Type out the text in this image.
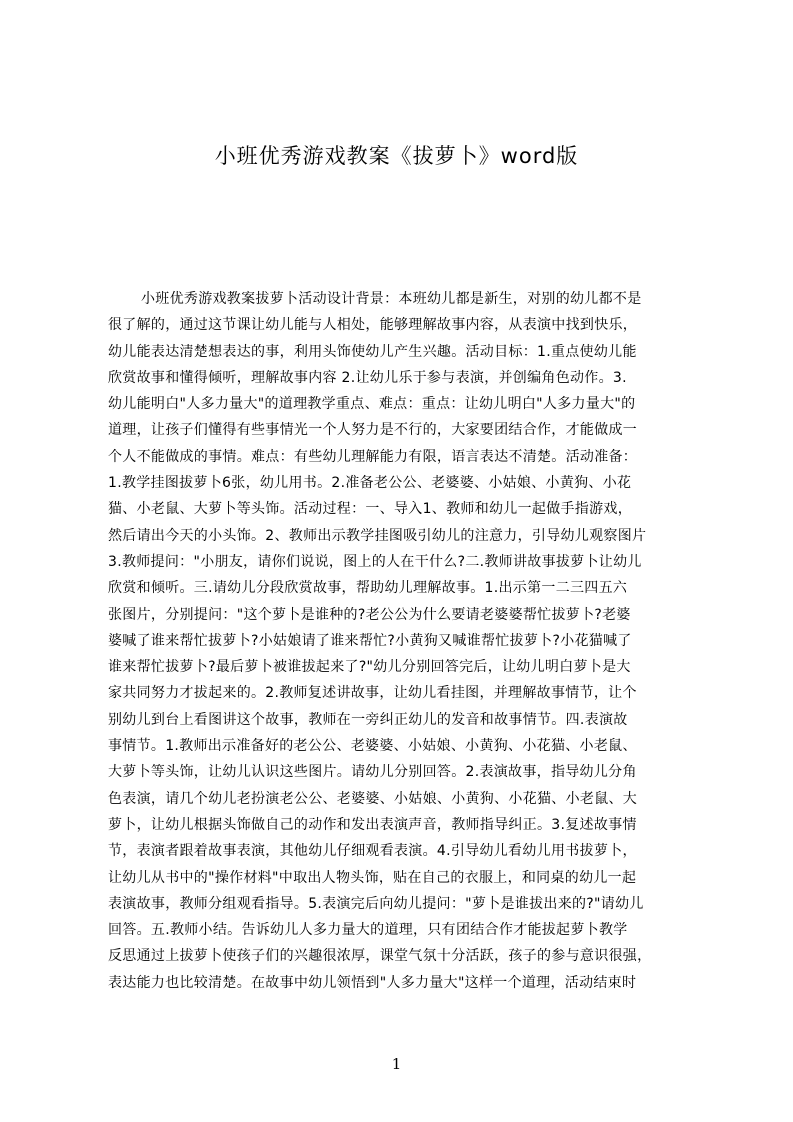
小班优秀游戏教案《拔萝卜》word版
小班优秀游戏教案拔萝卜活动设计背景：本班幼儿都是新生，对别的幼儿都不是
很了解的，通过这节课让幼儿能与人相处，能够理解故事内容，从表演中找到快乐，
幼儿能表达清楚想表达的事，利用头饰使幼儿产生兴趣。活动目标：1.重点使幼儿能
欣赏故事和懂得倾听，理解故事内容 2.让幼儿乐于参与表演，并创编角色动作。3.
幼儿能明白"人多力量大"的道理教学重点、难点：重点：让幼儿明白"人多力量大"的
道理，让孩子们懂得有些事情光一个人努力是不行的，大家要团结合作，才能做成一
个人不能做成的事情。难点：有些幼儿理解能力有限，语言表达不清楚。活动准备：
1.教学挂图拔萝卜6张，幼儿用书。2.准备老公公、老婆婆、小姑娘、小黄狗、小花
猫、小老鼠、大萝卜等头饰。活动过程：一、导入1、教师和幼儿一起做手指游戏，
然后请出今天的小头饰。2、教师出示教学挂图吸引幼儿的注意力，引导幼儿观察图片
3.教师提问："小朋友，请你们说说，图上的人在干什么?二.教师讲故事拔萝卜让幼儿
欣赏和倾听。三.请幼儿分段欣赏故事，帮助幼儿理解故事。1.出示第一二三四五六
张图片，分别提问："这个萝卜是谁种的?老公公为什么要请老婆婆帮忙拔萝卜?老婆
婆喊了谁来帮忙拔萝卜?小姑娘请了谁来帮忙?小黄狗又喊谁帮忙拔萝卜?小花猫喊了
谁来帮忙拔萝卜?最后萝卜被谁拔起来了?"幼儿分别回答完后，让幼儿明白萝卜是大
家共同努力才拔起来的。2.教师复述讲故事，让幼儿看挂图，并理解故事情节，让个
别幼儿到台上看图讲这个故事，教师在一旁纠正幼儿的发音和故事情节。四.表演故
事情节。1.教师出示准备好的老公公、老婆婆、小姑娘、小黄狗、小花猫、小老鼠、
大萝卜等头饰，让幼儿认识这些图片。请幼儿分别回答。2.表演故事，指导幼儿分角
色表演，请几个幼儿老扮演老公公、老婆婆、小姑娘、小黄狗、小花猫、小老鼠、大
萝卜，让幼儿根据头饰做自己的动作和发出表演声音，教师指导纠正。3.复述故事情
节，表演者跟着故事表演，其他幼儿仔细观看表演。4.引导幼儿看幼儿用书拔萝卜，
让幼儿从书中的"操作材料"中取出人物头饰，贴在自己的衣服上，和同桌的幼儿一起
表演故事，教师分组观看指导。5.表演完后向幼儿提问："萝卜是谁拔出来的?"请幼儿
回答。五.教师小结。告诉幼儿人多力量大的道理，只有团结合作才能拔起萝卜教学
反思通过上拔萝卜使孩子们的兴趣很浓厚，课堂气氛十分活跃，孩子的参与意识很强，
表达能力也比较清楚。在故事中幼儿领悟到"人多力量大"这样一个道理，活动结束时
1
